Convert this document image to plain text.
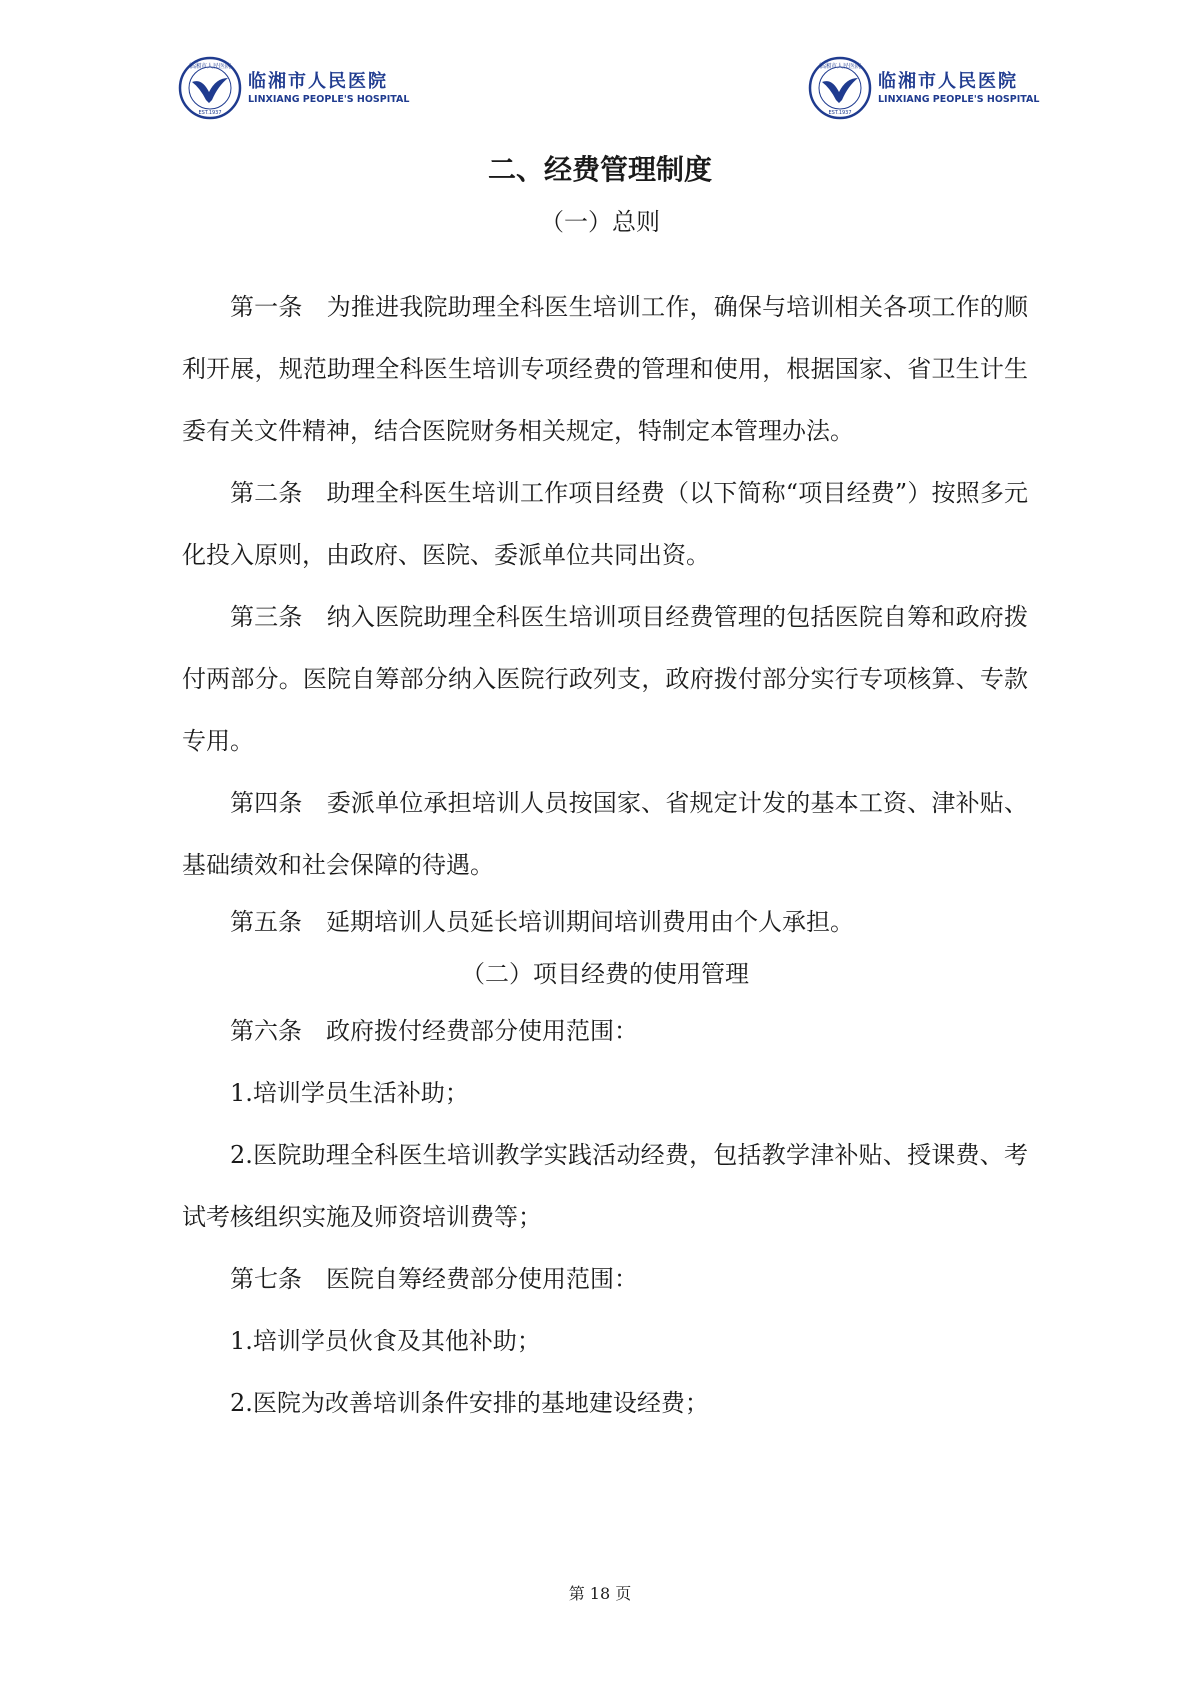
临湘市人民医院
EST.1937
临湘市人民医院
LINXIANG PEOPLE'S HOSPITAL
临湘市人民医院
EST.1937
临湘市人民医院
LINXIANG PEOPLE'S HOSPITAL
二、经费管理制度
（一）总则

第一条　为推进我院助理全科医生培训工作，确保与培训相关各项工作的顺利开展，规范助理全科医生培训专项经费的管理和使用，根据国家、省卫生计生委有关文件精神，结合医院财务相关规定，特制定本管理办法。

第二条　助理全科医生培训工作项目经费（以下简称“项目经费”）按照多元化投入原则，由政府、医院、委派单位共同出资。

第三条　纳入医院助理全科医生培训项目经费管理的包括医院自筹和政府拨付两部分。医院自筹部分纳入医院行政列支，政府拨付部分实行专项核算、专款专用。

第四条　委派单位承担培训人员按国家、省规定计发的基本工资、津补贴、基础绩效和社会保障的待遇。

第五条　延期培训人员延长培训期间培训费用由个人承担。

（二）项目经费的使用管理

第六条　政府拨付经费部分使用范围：

1.培训学员生活补助；

2.医院助理全科医生培训教学实践活动经费，包括教学津补贴、授课费、考试考核组织实施及师资培训费等；

第七条　医院自筹经费部分使用范围：

1.培训学员伙食及其他补助；

2.医院为改善培训条件安排的基地建设经费；

第 18 页
